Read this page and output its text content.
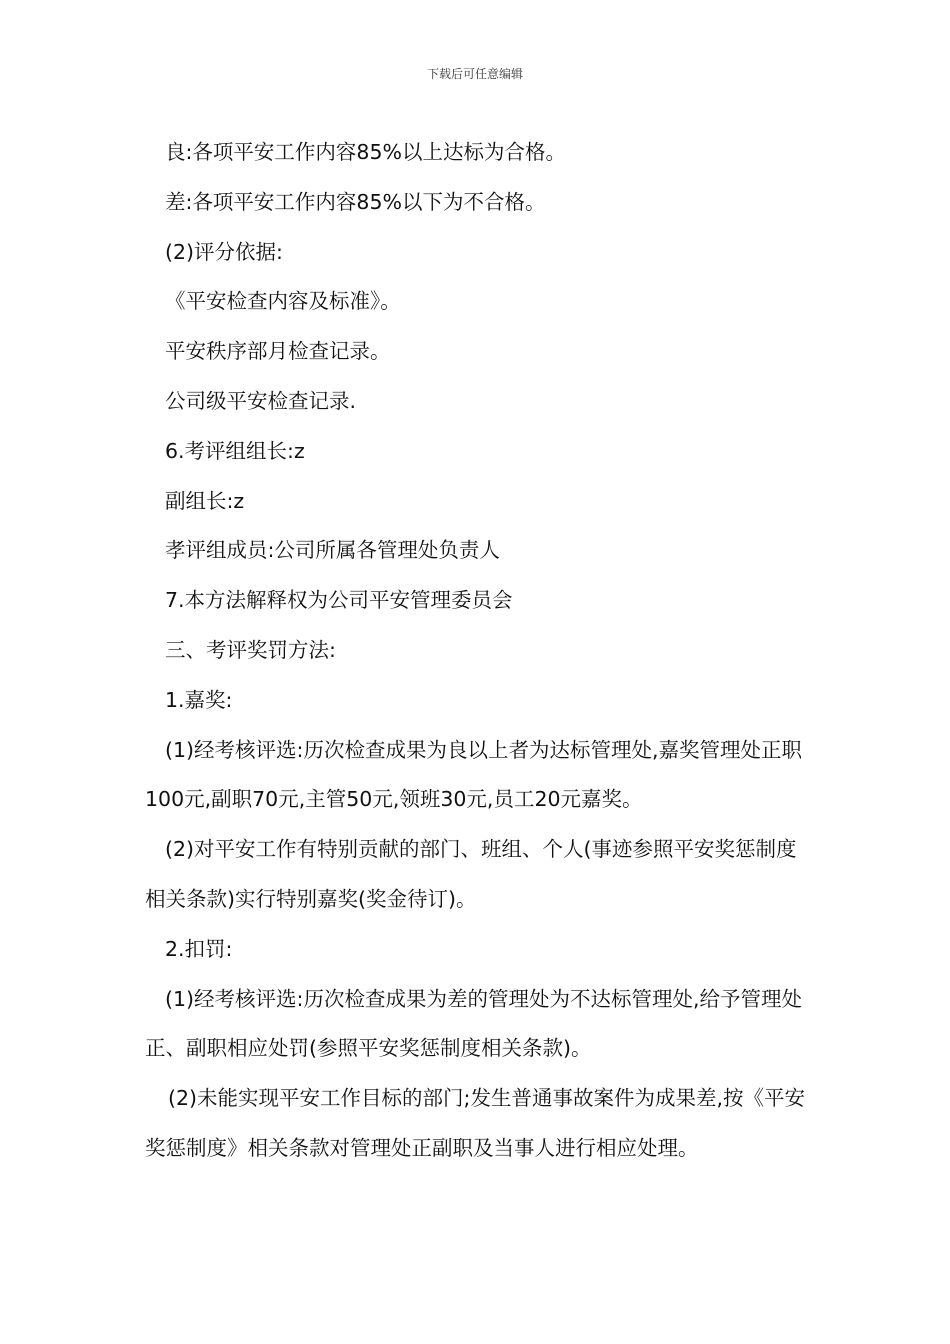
下载后可任意编辑

良:各项平安工作内容85%以上达标为合格。

差:各项平安工作内容85%以下为不合格。

(2)评分依据:

《平安检查内容及标准》。

平安秩序部月检查记录。

公司级平安检查记录.

6.考评组组长:z

副组长:z

孝评组成员:公司所属各管理处负责人

7.本方法解释权为公司平安管理委员会

三、考评奖罚方法:

1.嘉奖:

(1)经考核评选:历次检查成果为良以上者为达标管理处,嘉奖管理处正职100元,副职70元,主管50元,领班30元,员工20元嘉奖。

(2)对平安工作有特别贡献的部门、班组、个人(事迹参照平安奖惩制度相关条款)实行特别嘉奖(奖金待订)。

2.扣罚:

(1)经考核评选:历次检查成果为差的管理处为不达标管理处,给予管理处正、副职相应处罚(参照平安奖惩制度相关条款)。

(2)未能实现平安工作目标的部门;发生普通事故案件为成果差,按《平安奖惩制度》相关条款对管理处正副职及当事人进行相应处理。
